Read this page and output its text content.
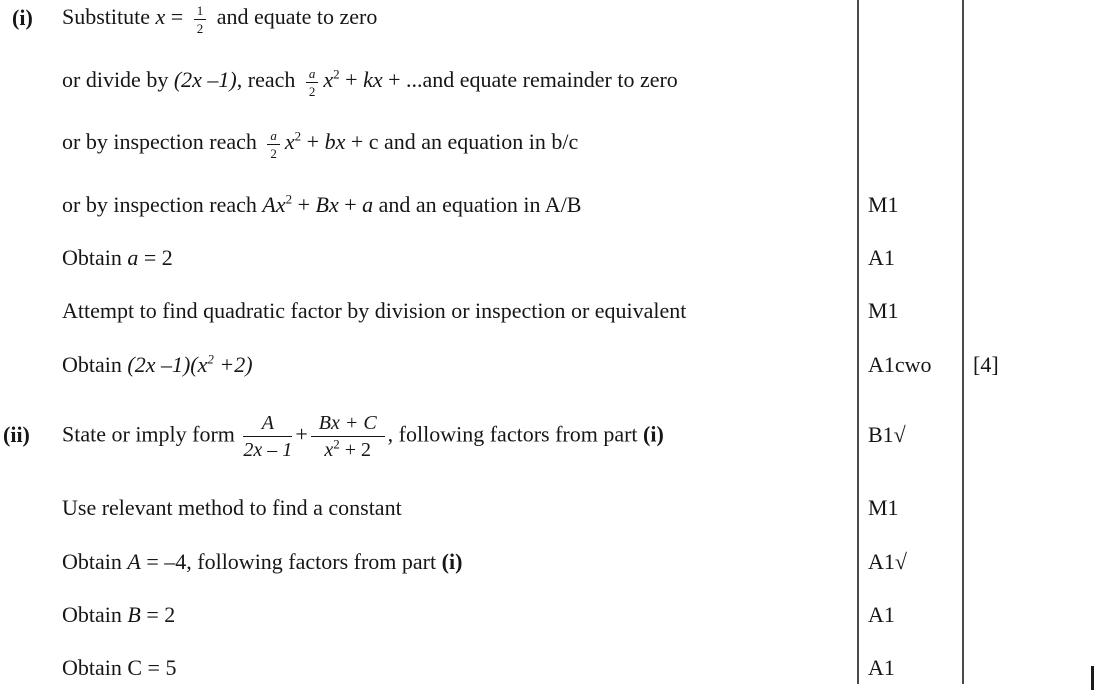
(i)
(ii)
Substitute $x = \frac{1}{2}$ and equate to zero
or divide by (2x –1), reach $\frac{a}{2} x^2$ + kx + ...and equate remainder to zero
or by inspection reach $\frac{a}{2} x^2$ + bx + c and an equation in b/c
or by inspection reach $Ax^2 + Bx + a$ and an equation in A/B
Obtain a = 2
Attempt to find quadratic factor by division or inspection or equivalent
Obtain (2x $-1)(x^2 +2)$
State or imply form $\frac{A}{2x - 1} + \frac{Bx + C}{x^2 + 2}$ , following factors from part (i)
Use relevant method to find a constant
Obtain A = –4, following factors from part (i)
Obtain B = 2
Obtain C = 5
M1
A1
M1
A1cwo
B1√
M1
A1√
A1
A1
[4]
